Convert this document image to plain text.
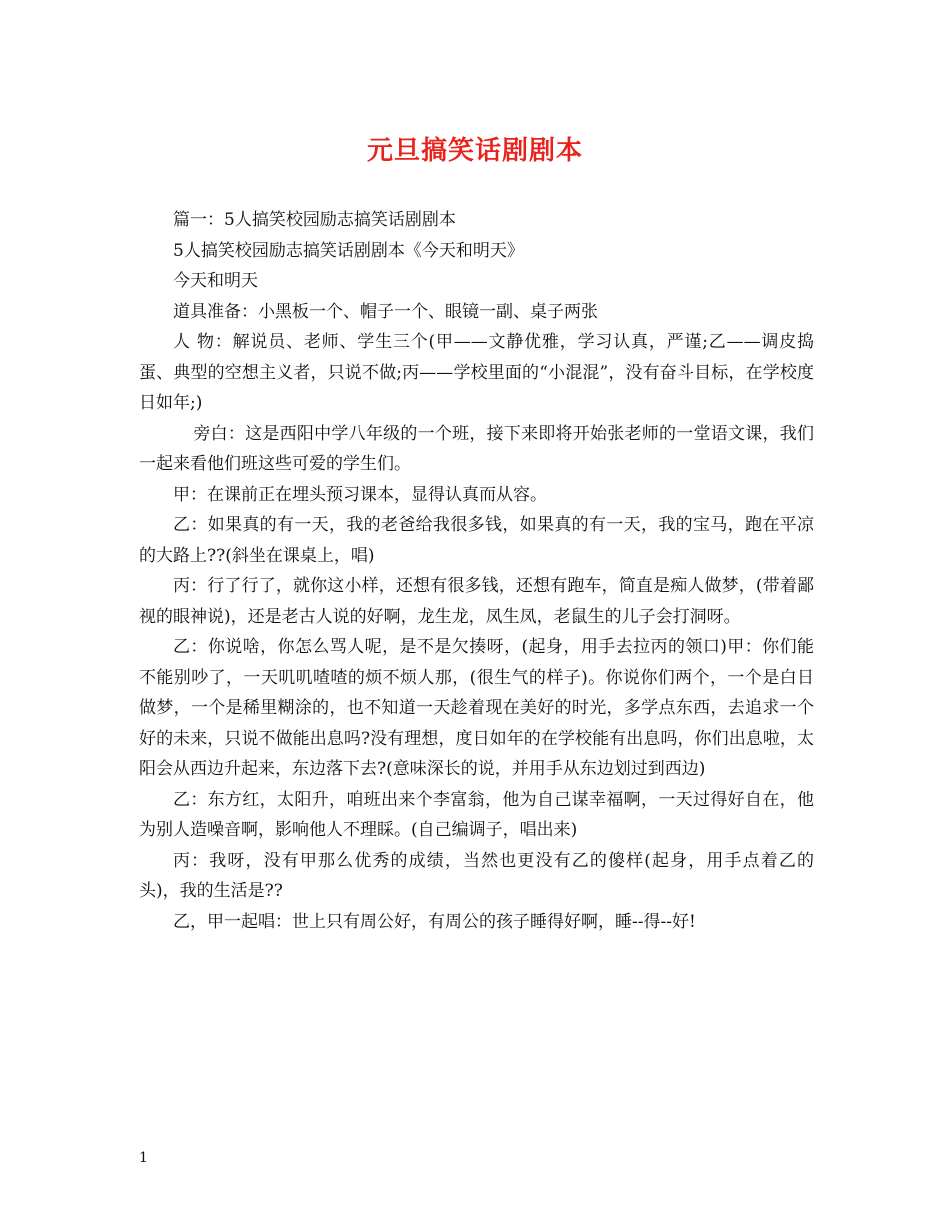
元旦搞笑话剧剧本

篇一：5人搞笑校园励志搞笑话剧剧本

5人搞笑校园励志搞笑话剧剧本《今天和明天》

今天和明天

道具准备：小黑板一个、帽子一个、眼镜一副、桌子两张

人 物：解说员、老师、学生三个(甲——文静优雅，学习认真，严谨;乙——调皮捣蛋、典型的空想主义者，只说不做;丙——学校里面的“小混混”，没有奋斗目标，在学校度日如年;)

旁白：这是西阳中学八年级的一个班，接下来即将开始张老师的一堂语文课，我们一起来看他们班这些可爱的学生们。

甲：在课前正在埋头预习课本，显得认真而从容。

乙：如果真的有一天，我的老爸给我很多钱，如果真的有一天，我的宝马，跑在平凉的大路上??(斜坐在课桌上，唱)

丙：行了行了，就你这小样，还想有很多钱，还想有跑车，简直是痴人做梦，(带着鄙视的眼神说)，还是老古人说的好啊，龙生龙，凤生凤，老鼠生的儿子会打洞呀。

乙：你说啥，你怎么骂人呢，是不是欠揍呀，(起身，用手去拉丙的领口)甲：你们能不能别吵了，一天叽叽喳喳的烦不烦人那，(很生气的样子)。你说你们两个，一个是白日做梦，一个是稀里糊涂的，也不知道一天趁着现在美好的时光，多学点东西，去追求一个好的未来，只说不做能出息吗?没有理想，度日如年的在学校能有出息吗，你们出息啦，太阳会从西边升起来，东边落下去?(意味深长的说，并用手从东边划过到西边)

乙：东方红，太阳升，咱班出来个李富翁，他为自己谋幸福啊，一天过得好自在，他为别人造噪音啊，影响他人不理睬。(自己编调子，唱出来)

丙：我呀，没有甲那么优秀的成绩，当然也更没有乙的傻样(起身，用手点着乙的头)，我的生活是??

乙，甲一起唱：世上只有周公好，有周公的孩子睡得好啊，睡--得--好!

1
